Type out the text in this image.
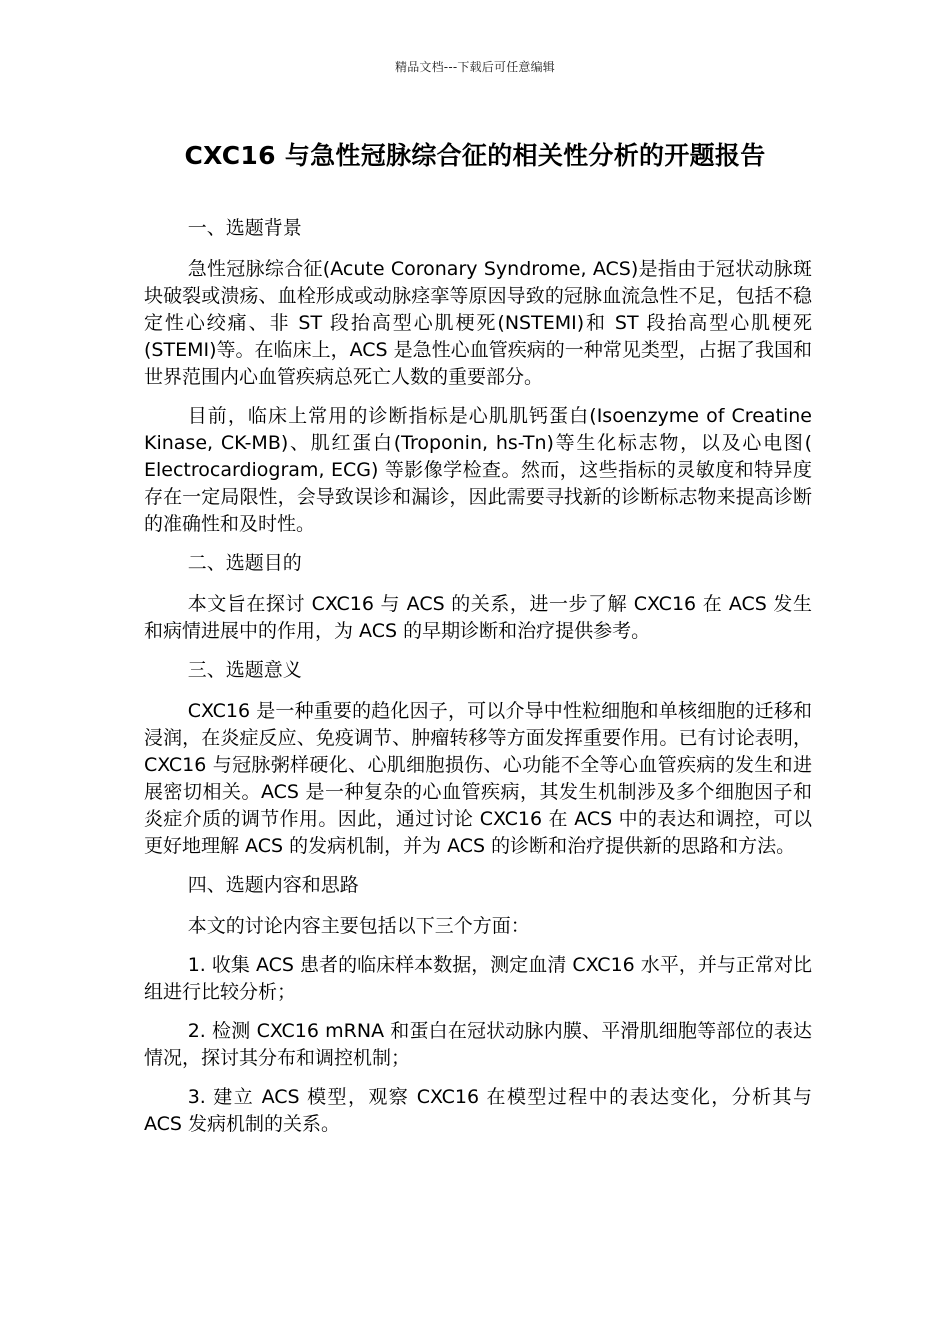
精品文档---下载后可任意编辑
CXC16 与急性冠脉综合征的相关性分析的开题报告

一、选题背景

急性冠脉综合征(Acute Coronary Syndrome, ACS)是指由于冠状动脉斑块破裂或溃疡、血栓形成或动脉痉挛等原因导致的冠脉血流急性不足，包括不稳定性心绞痛、非 ST 段抬高型心肌梗死(NSTEMI)和 ST 段抬高型心肌梗死(STEMI)等。在临床上，ACS 是急性心血管疾病的一种常见类型，占据了我国和世界范围内心血管疾病总死亡人数的重要部分。

目前，临床上常用的诊断指标是心肌肌钙蛋白(Isoenzyme of Creatine Kinase, CK-MB)、肌红蛋白(Troponin, hs-Tn)等生化标志物，以及心电图( Electrocardiogram, ECG) 等影像学检查。然而，这些指标的灵敏度和特异度存在一定局限性，会导致误诊和漏诊，因此需要寻找新的诊断标志物来提高诊断的准确性和及时性。

二、选题目的

本文旨在探讨 CXC16 与 ACS 的关系，进一步了解 CXC16 在 ACS 发生和病情进展中的作用，为 ACS 的早期诊断和治疗提供参考。

三、选题意义

CXC16 是一种重要的趋化因子，可以介导中性粒细胞和单核细胞的迁移和浸润，在炎症反应、免疫调节、肿瘤转移等方面发挥重要作用。已有讨论表明，CXC16 与冠脉粥样硬化、心肌细胞损伤、心功能不全等心血管疾病的发生和进展密切相关。ACS 是一种复杂的心血管疾病，其发生机制涉及多个细胞因子和炎症介质的调节作用。因此，通过讨论 CXC16 在 ACS 中的表达和调控，可以更好地理解 ACS 的发病机制，并为 ACS 的诊断和治疗提供新的思路和方法。

四、选题内容和思路

本文的讨论内容主要包括以下三个方面：

1. 收集 ACS 患者的临床样本数据，测定血清 CXC16 水平，并与正常对比组进行比较分析；

2. 检测 CXC16 mRNA 和蛋白在冠状动脉内膜、平滑肌细胞等部位的表达情况，探讨其分布和调控机制；

3. 建立 ACS 模型，观察 CXC16 在模型过程中的表达变化，分析其与 ACS 发病机制的关系。
